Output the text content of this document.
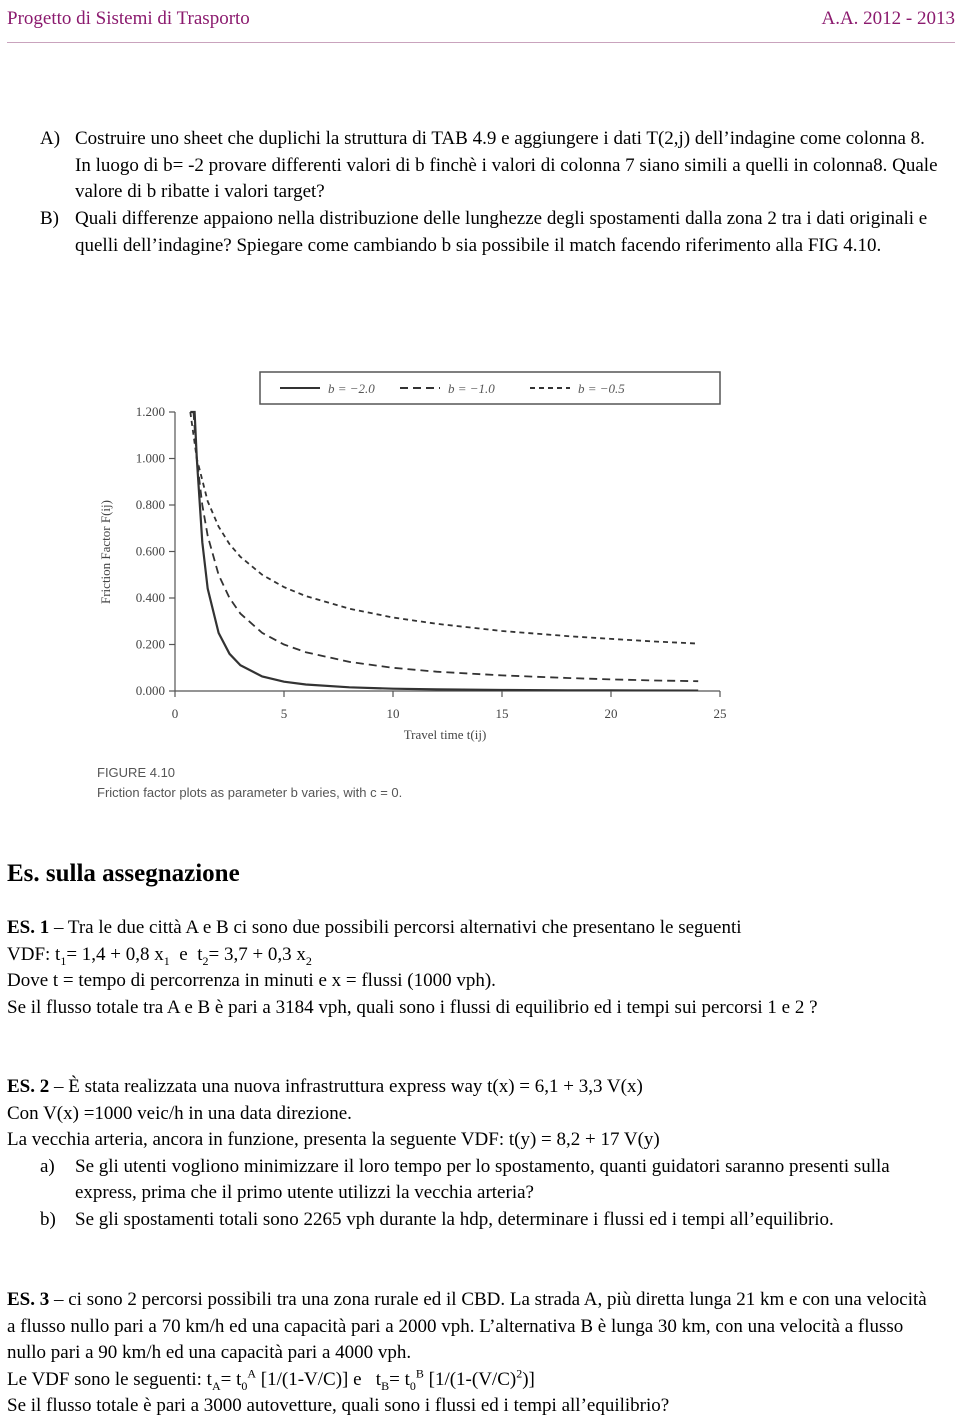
Progetto di Sistemi di Trasporto	A.A. 2012 - 2013
A) Costruire uno sheet che duplichi la struttura di TAB 4.9 e aggiungere i dati T(2,j) dell’indagine come colonna 8. In luogo di b= -2 provare differenti valori di b finchè i valori di colonna 7 siano simili a quelli in colonna8. Quale valore di b ribatte i valori target?
B) Quali differenze appaiono nella distribuzione delle lunghezze degli spostamenti dalla zona 2 tra i dati originali e quelli dell’indagine? Spiegare come cambiando b sia possibile il match facendo riferimento alla FIG 4.10.
0.000
0.200
0.400
0.600
0.800
1.000
1.200
0	5	10	15	20	25
Travel time t(ij)
Friction Factor F(ij)
b = −2.0	b = −1.0	b = −0.5
FIGURE 4.10
Friction factor plots as parameter b varies, with c = 0.
Es. sulla assegnazione

ES. 1 – Tra le due città A e B ci sono due possibili percorsi alternativi che presentano le seguenti

VDF: $t_1= 1,4 + 0,8$ $x_1$  e  $t_2= 3,7 + 0,3$ $x_2$

Dove t = tempo di percorrenza in minuti e x = flussi (1000 vph).

Se il flusso totale tra A e B è pari a 3184 vph, quali sono i flussi di equilibrio ed i tempi sui percorsi 1 e 2 ?

ES. 2 – È stata realizzata una nuova infrastruttura express way t(x) = 6,1 + 3,3 V(x)

Con V(x) =1000 veic/h in una data direzione.

La vecchia arteria, ancora in funzione, presenta la seguente VDF: t(y) = 8,2 + 17 V(y)

a) Se gli utenti vogliono minimizzare il loro tempo per lo spostamento, quanti guidatori saranno presenti sulla express, prima che il primo utente utilizzi la vecchia arteria?
b) Se gli spostamenti totali sono 2265 vph durante la hdp, determinare i flussi ed i tempi all’equilibrio.

ES. 3 – ci sono 2 percorsi possibili tra una zona rurale ed il CBD. La strada A, più diretta lunga 21 km e con una velocità a flusso nullo pari a 70 km/h ed una capacità pari a 2000 vph. L’alternativa B è lunga 30 km, con una velocità a flusso nullo pari a 90 km/h ed una capacità pari a 4000 vph.

Le VDF sono le seguenti: $t_A= t_0^A$ [1/(1-V/C)] e   $t_B= t_0^B$ $[1/(1-(V/C)^2)]$

Se il flusso totale è pari a 3000 autovetture, quali sono i flussi ed i tempi all’equilibrio?
